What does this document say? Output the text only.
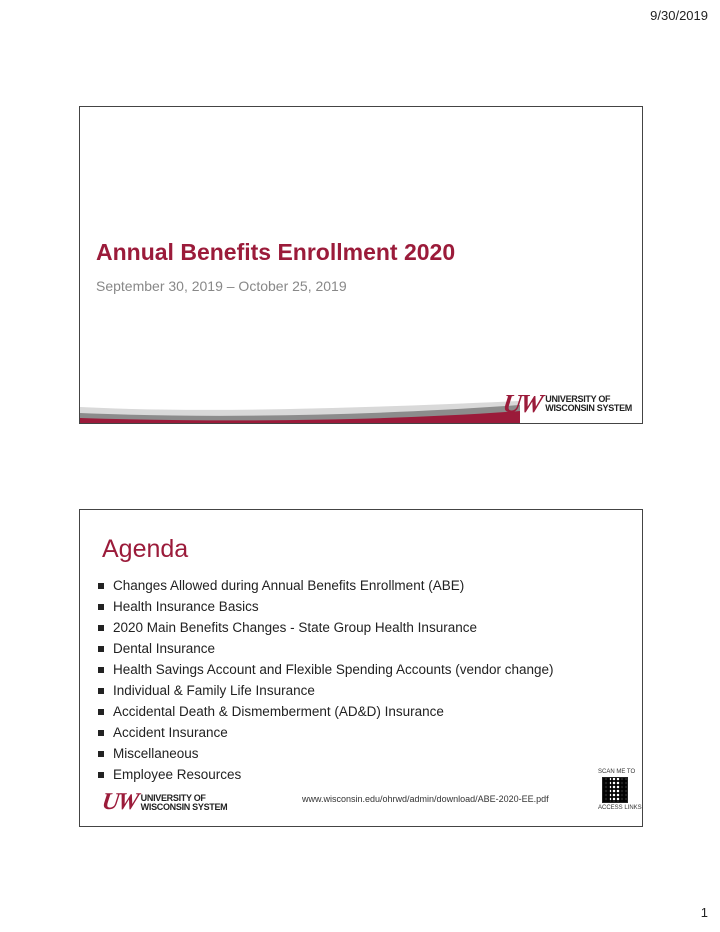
9/30/2019
Annual Benefits Enrollment 2020
September 30, 2019 – October 25, 2019
UW UNIVERSITY OF
WISCONSIN SYSTEM
Agenda
Changes Allowed during Annual Benefits Enrollment (ABE)
Health Insurance Basics
2020 Main Benefits Changes - State Group Health Insurance
Dental Insurance
Health Savings Account and Flexible Spending Accounts (vendor change)
Individual & Family Life Insurance
Accidental Death & Dismemberment (AD&D) Insurance
Accident Insurance
Miscellaneous
Employee Resources
www.wisconsin.edu/ohrwd/admin/download/ABE-2020-EE.pdf
SCAN ME TO
ACCESS LINKS
UW UNIVERSITY OF
WISCONSIN SYSTEM
1
